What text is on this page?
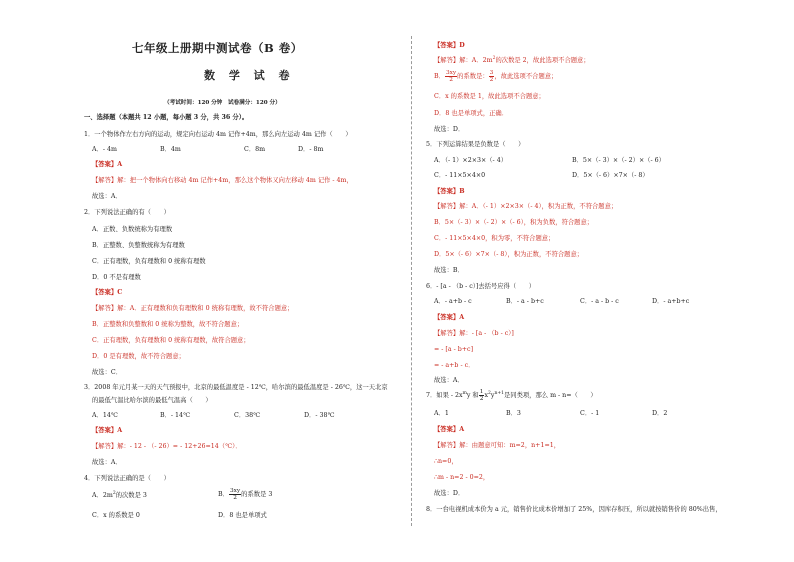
七年级上册期中测试卷（B 卷）
数 学 试 卷
（考试时间：120 分钟　试卷满分：120 分）
一、选择题（本题共 12 小题，每小题 3 分，共 36 分）。
1．一个物体作左右方向的运动，规定向右运动 4m 记作+4m，那么向左运动 4m 记作（　　）
A．- 4m	B．4m	C．8m	D．- 8m
【答案】A
【解答】解：把一个物体向右移动 4m 记作+4m，那么这个物体又向左移动 4m 记作 - 4m，
故选：A．
2．下列说法正确的有（　　）
A．正数、负数统称为有理数
B．正整数、负整数统称为有理数
C．正有理数，负有理数和 0 统称有理数
D．0 不是有理数
【答案】C
【解答】解：A．正有理数和负有理数和 0 统称有理数，故不符合题意；
B．正整数和负整数和 0 统称为整数，故不符合题意；
C．正有理数，负有理数和 0 统称有理数，故符合题意；
D．0 是有理数，故不符合题意；
故选：C．
3．2008 年元月某一天的天气预报中，北京的最低温度是 - 12℃，哈尔滨的最低温度是 - 26℃，这一天北京
的最低气温比哈尔滨的最低气温高（　　）
A．14℃	B．- 14℃	C．38℃	D．- 38℃
【答案】A
【解答】解：- 12 - （- 26）= - 12+26=14（℃）．
故选：A．
4．下列说法正确的是（　　）
A．$2m^2$的次数是 3	B． $\frac{3xy}{2}$ 的系数是 3
C．x 的系数是 0	D．8 也是单项式
【答案】D
【解答】解：A．$2m^2$的次数是 2，故此选项不合题意；
B． $\frac{3xy}{2}$ 的系数是： $\frac{3}{2}$ ，故此选项不合题意；
C．x 的系数是 1，故此选项不合题意；
D．8 也是单项式，正确．
故选：D．
5．下列运算结果是负数是（　　）
A．（- 1）×2×3×（- 4）	B．5×（- 3）×（- 2）×（- 6）
C．- 11×5×4×0	D．5×（- 6）×7×（- 8）
【答案】B
【解答】解：A．（- 1）×2×3×（- 4），积为正数，不符合题意；
B．5×（- 3）×（- 2）×（- 6），积为负数，符合题意；
C．- 11×5×4×0，积为零，不符合题意；
D．5×（- 6）×7×（- 8），积为正数，不符合题意；
故选：B．
6．- [a - （b - c）]去括号应得（　　）
A．- a+b - c	B．- a - b+c	C．- a - b - c	D．- a+b+c
【答案】A
【解答】解：- [a - （b - c）]
= - [a - b+c]
= - a+b - c．
故选：A．
7．如果 - $2x^my$ 和 $\frac{1}{2} x^2y^{n+1}$是同类项，那么 m - n=（　　）
A．1	B．3	C．- 1	D．2
【答案】A
【解答】解：由题意可知：m=2，n+1=1，
∴n=0，
∴m - n=2 - 0=2，
故选：D．
8．一台电视机成本价为 a 元，销售价比成本价增加了 25%，因库存积压，所以就按销售价的 80%出售，
